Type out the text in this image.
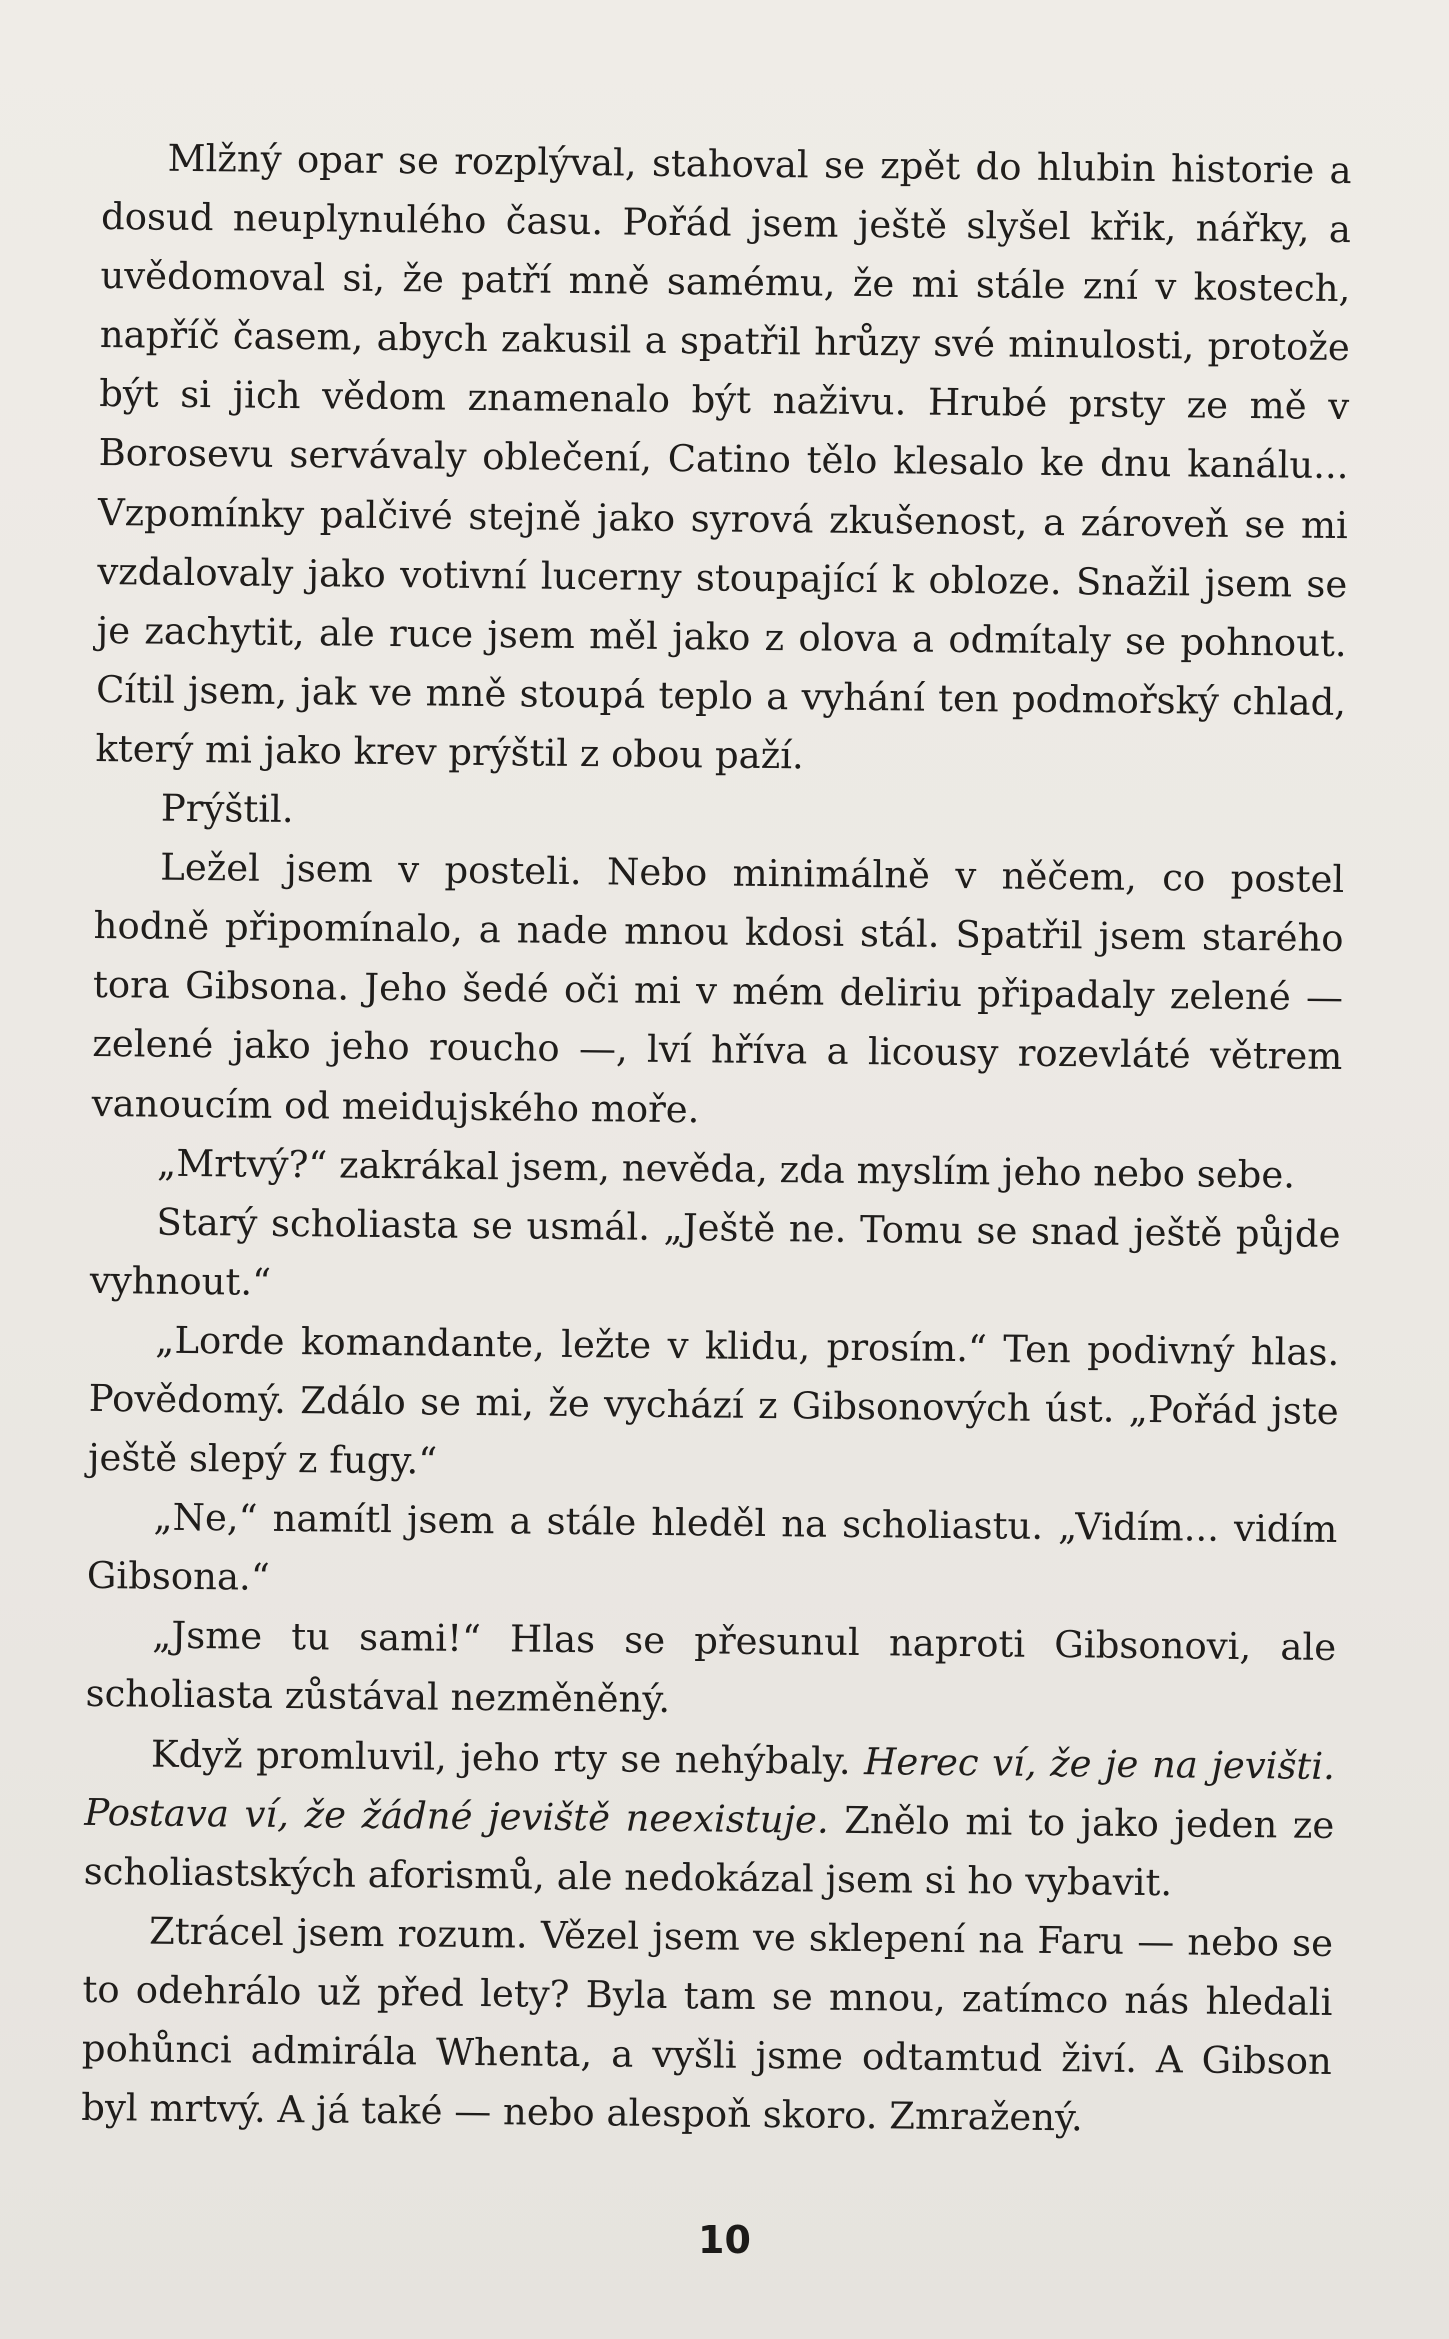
Mlžný opar se rozplýval, stahoval se zpět do hlubin historie a dosud neuplynulého času. Pořád jsem ještě slyšel křik, nářky, a uvědomoval si, že patří mně samému, že mi stále zní v kostech, napříč časem, abych zakusil a spatřil hrůzy své minulosti, protože být si jich vědom znamenalo být naživu. Hrubé prsty ze mě v Borosevu servávaly oblečení, Catino tělo klesalo ke dnu kanálu... Vzpomínky palčivé stejně jako syrová zkušenost, a zároveň se mi vzdalovaly jako votivní lucerny stoupající k obloze. Snažil jsem se je zachytit, ale ruce jsem měl jako z olova a odmítaly se pohnout. Cítil jsem, jak ve mně stoupá teplo a vyhání ten podmořský chlad, který mi jako krev prýštil z obou paží.

Prýštil.

Ležel jsem v posteli. Nebo minimálně v něčem, co postel hodně připomínalo, a nade mnou kdosi stál. Spatřil jsem starého tora Gibsona. Jeho šedé oči mi v mém deliriu připadaly zelené — zelené jako jeho roucho —, lví hříva a licousy rozevláté větrem vanoucím od meidujského moře.

„Mrtvý?“ zakrákal jsem, nevěda, zda myslím jeho nebo sebe.

Starý scholiasta se usmál. „Ještě ne. Tomu se snad ještě půjde vyhnout.“

„Lorde komandante, ležte v klidu, prosím.“ Ten podivný hlas. Povědomý. Zdálo se mi, že vychází z Gibsonových úst. „Pořád jste ještě slepý z fugy.“

„Ne,“ namítl jsem a stále hleděl na scholiastu. „Vidím... vidím Gibsona.“

„Jsme tu sami!“ Hlas se přesunul naproti Gibsonovi, ale scholiasta zůstával nezměněný.

Když promluvil, jeho rty se nehýbaly. Herec ví, že je na jevišti. Postava ví, že žádné jeviště neexistuje. Znělo mi to jako jeden ze scholiastských aforismů, ale nedokázal jsem si ho vybavit.

Ztrácel jsem rozum. Vězel jsem ve sklepení na Faru — nebo se to odehrálo už před lety? Byla tam se mnou, zatímco nás hledali pohůnci admirála Whenta, a vyšli jsme odtamtud živí. A Gibson byl mrtvý. A já také — nebo alespoň skoro. Zmražený.

10
